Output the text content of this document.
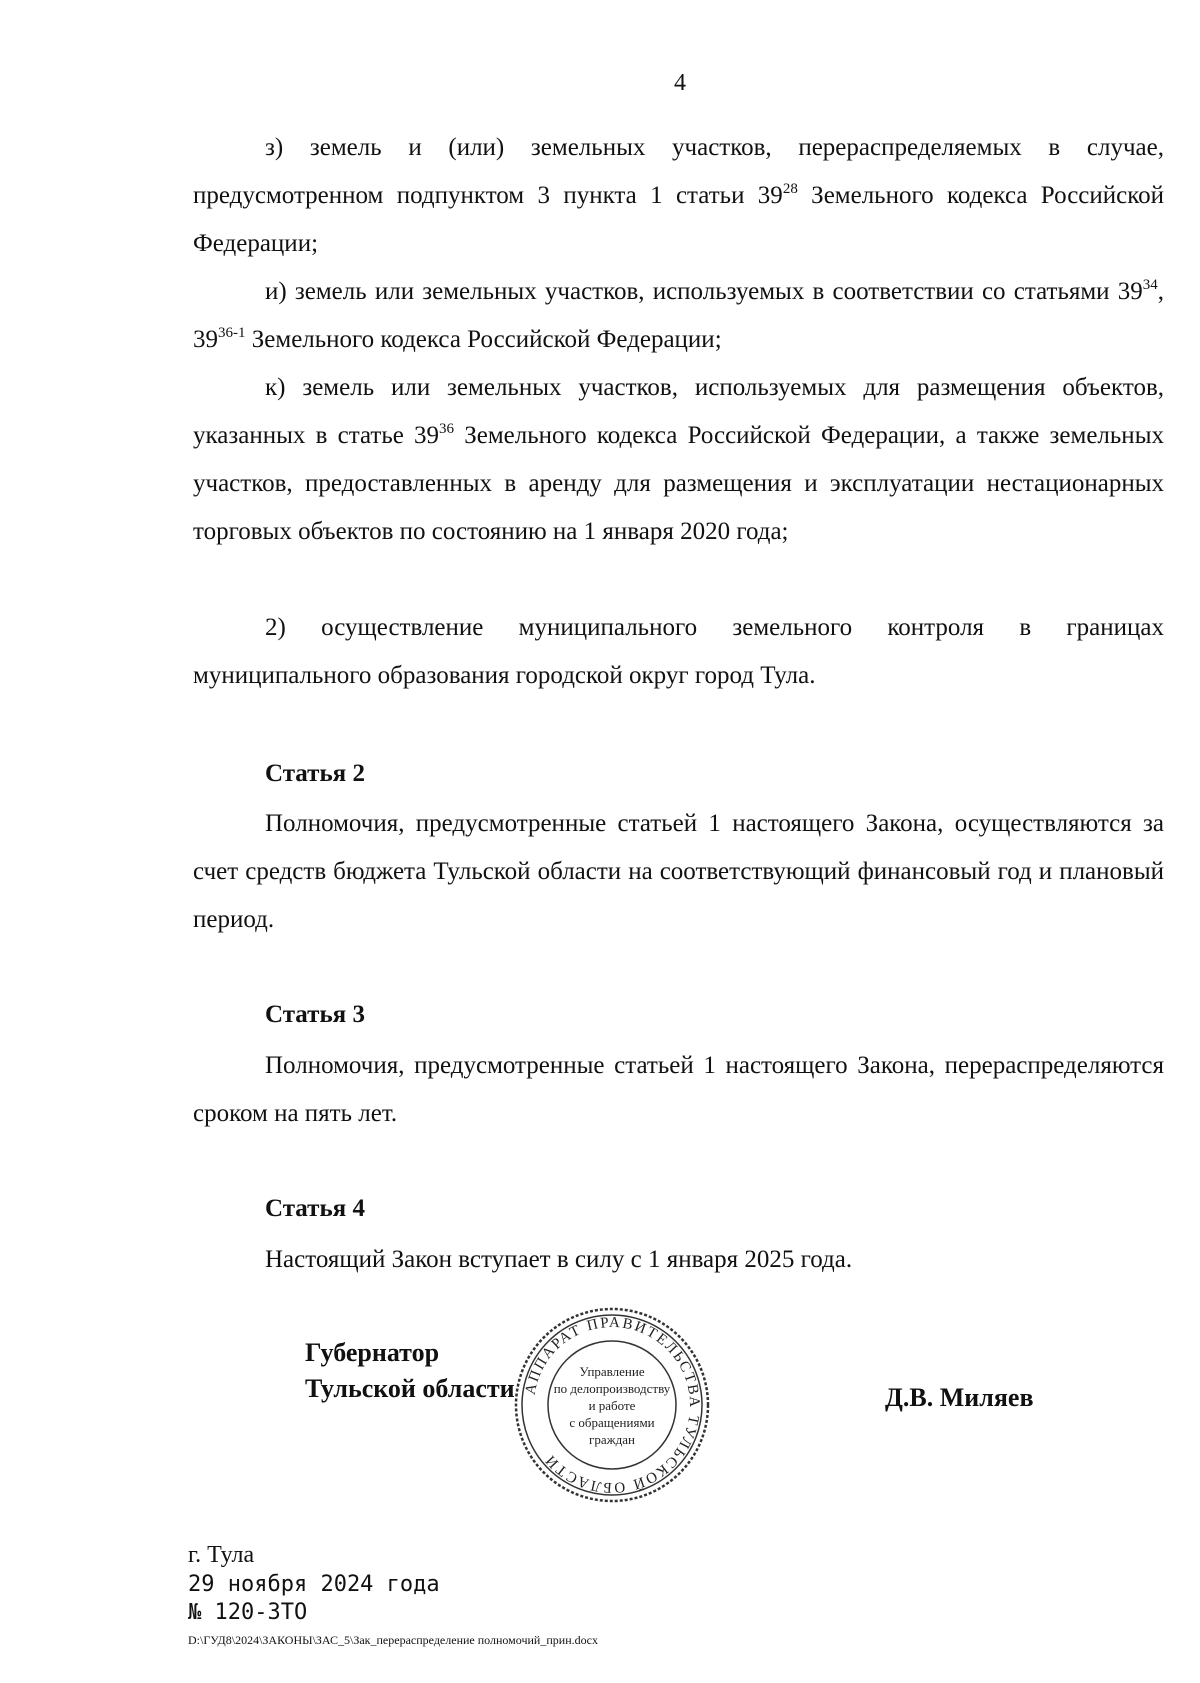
4

з) земель и (или) земельных участков, перераспределяемых в случае, предусмотренном подпунктом 3 пункта 1 статьи $39^{28}$ Земельного кодекса Российской Федерации;

и) земель или земельных участков, используемых в соответствии со статьями $39^{34}$, 39$^{36-1}$ Земельного кодекса Российской Федерации;

к) земель или земельных участков, используемых для размещения объектов, указанных в статье $39^{36}$ Земельного кодекса Российской Федерации, а также земельных участков, предоставленных в аренду для размещения и эксплуатации нестационарных торговых объектов по состоянию на 1 января 2020 года;

2) осуществление муниципального земельного контроля в границах муниципального образования городской округ город Тула.

Статья 2

Полномочия, предусмотренные статьей 1 настоящего Закона, осуществляются за счет средств бюджета Тульской области на соответствующий финансовый год и плановый период.

Статья 3

Полномочия, предусмотренные статьей 1 настоящего Закона, перераспределяются сроком на пять лет.

Статья 4

Настоящий Закон вступает в силу с 1 января 2025 года.

Губернатор
Тульской области АППАРАТ ПРАВИТЕЛЬСТВА ТУЛЬСКОЙ ОБЛАСТИ
Управление
по делопроизводству
и работе
с обращениями
граждан
Д.В. Миляев
г. Тула
29 ноября 2024 года
№ 120-ЗТО
D:\ГУД8\2024\ЗАКОНЫ\ЗАС_5\Зак_перераспределение полномочий_прин.docx
